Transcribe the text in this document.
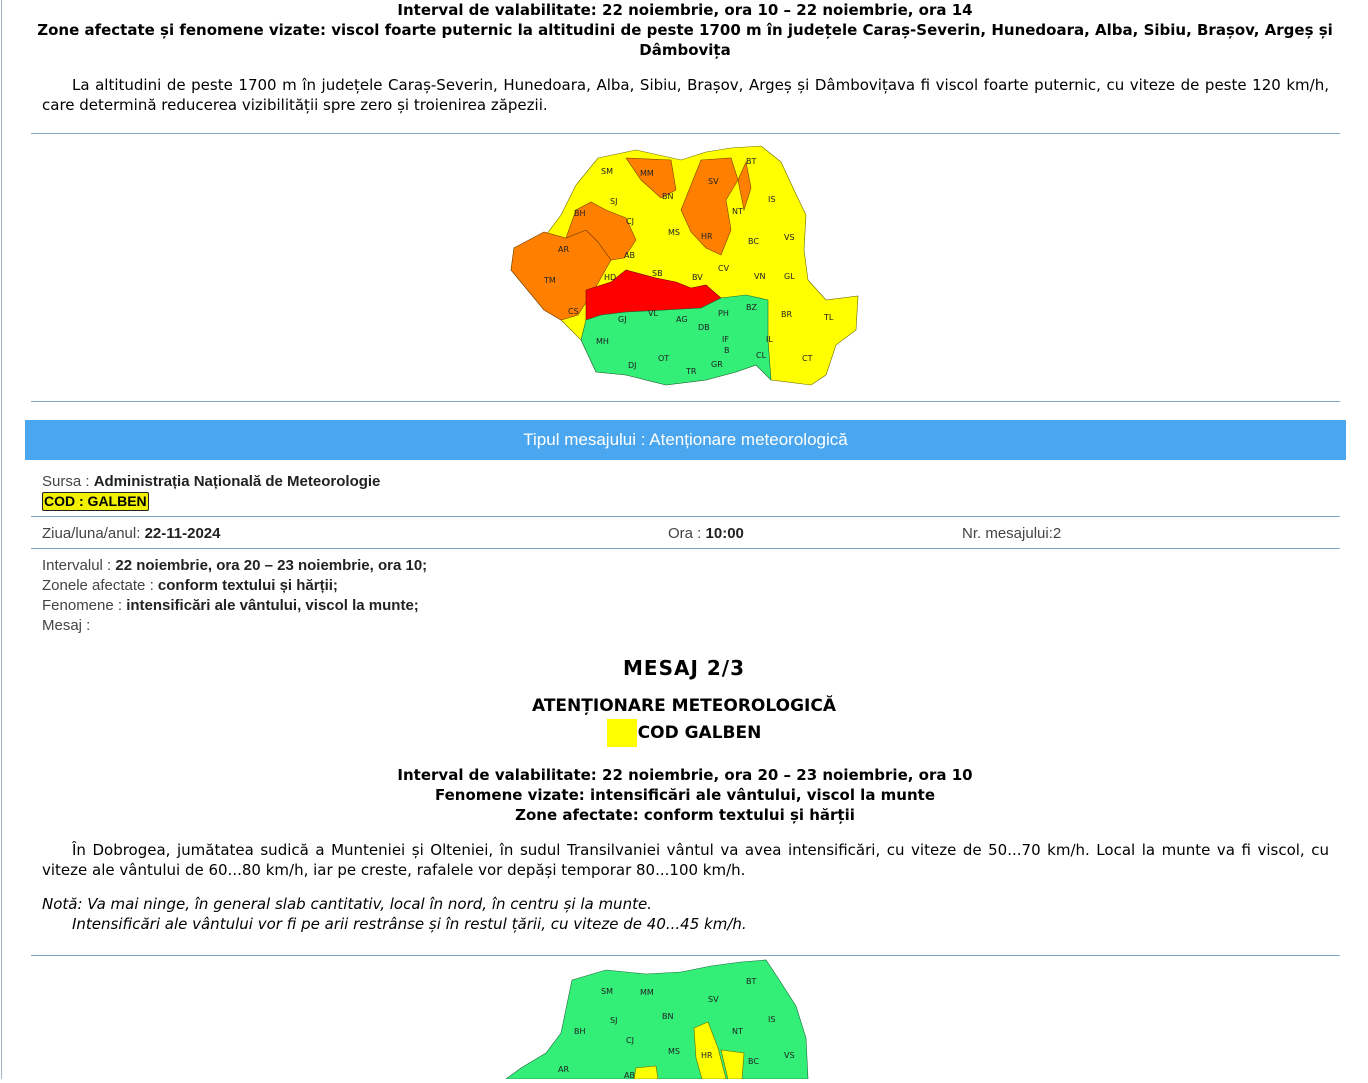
Interval de valabilitate: 22 noiembrie, ora 10 – 22 noiembrie, ora 14
Zone afectate și fenomene vizate: viscol foarte puternic la altitudini de peste 1700 m în județele Caraș-Severin, Hunedoara, Alba, Sibiu, Brașov, Argeș și
Dâmbovița
La altitudini de peste 1700 m în județele Caraș-Severin, Hunedoara, Alba, Sibiu, Brașov, Argeș și Dâmbovițava fi viscol foarte puternic, cu viteze de peste 120 km/h, care determină reducerea vizibilității spre zero și troienirea zăpezii.
BT
SM	MM
SV
BH
SJ
BN	IS
CJ
NT
MS	HR	VS
AR
BC
AB
SB
CV
VN GL
HD	BV
TM
BZ
CS
GJ
VL
AG
PH	BR	TL
DB
IF
MH
B
IL
OT	CL
DJ	GR
TR
CT
Tipul mesajului : Atenționare meteorologică
Sursa : Administrația Națională de Meteorologie
COD : GALBEN
Ziua/luna/anul: 22-11-2024	Ora : 10:00	Nr. mesajului:2
Intervalul : 22 noiembrie, ora 20 – 23 noiembrie, ora 10;
Zonele afectate : conform textului și hărții;
Fenomene : intensificări ale vântului, viscol la munte;
Mesaj :
MESAJ 2/3
ATENȚIONARE METEOROLOGICĂ
COD GALBEN
Interval de valabilitate: 22 noiembrie, ora 20 – 23 noiembrie, ora 10
Fenomene vizate: intensificări ale vântului, viscol la munte
Zone afectate: conform textului și hărții
În Dobrogea, jumătatea sudică a Munteniei și Olteniei, în sudul Transilvaniei vântul va avea intensificări, cu viteze de 50...70 km/h. Local la munte va fi viscol, cu viteze ale vântului de 60...80 km/h, iar pe creste, rafalele vor depăși temporar 80...100 km/h.
Notă: Va mai ninge, în general slab cantitativ, local în nord, în centru și la munte.
Intensificări ale vântului vor fi pe arii restrânse și în restul țării, cu viteze de 40...45 km/h.
BT
SM	MM
SV
BH
SJ	BN	IS
CJ
NT
MS	HR	VS
AR
BC
AB
